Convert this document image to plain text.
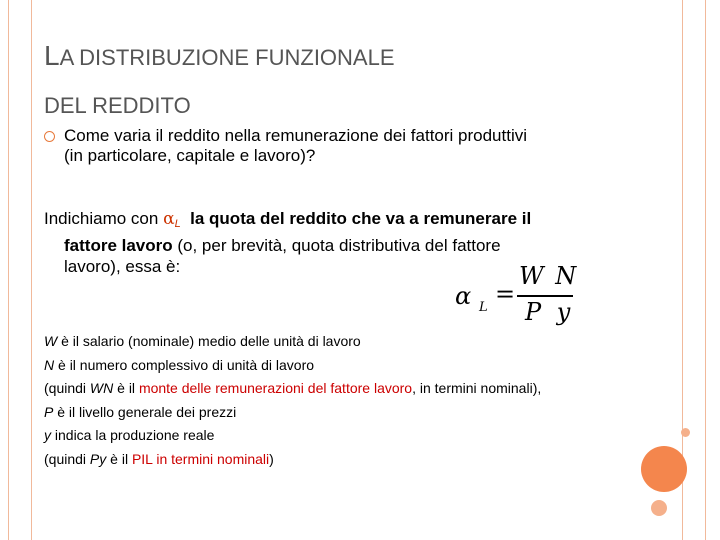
LA DISTRIBUZIONE FUNZIONALE
DEL REDDITO
Come varia il reddito nella remunerazione dei fattori produttivi
(in particolare, capitale e lavoro)?
Indichiamo con $\alpha_L$ la quota del reddito che va a remunerare il
fattore lavoro (o, per brevità, quota distributiva del fattore
lavoro), essa è:
α L =
W N
P y
W è il salario (nominale) medio delle unità di lavoro
N è il numero complessivo di unità di lavoro
(quindi WN è il monte delle remunerazioni del fattore lavoro, in termini nominali),
P è il livello generale dei prezzi
y indica la produzione reale
(quindi Py è il PIL in termini nominali)
